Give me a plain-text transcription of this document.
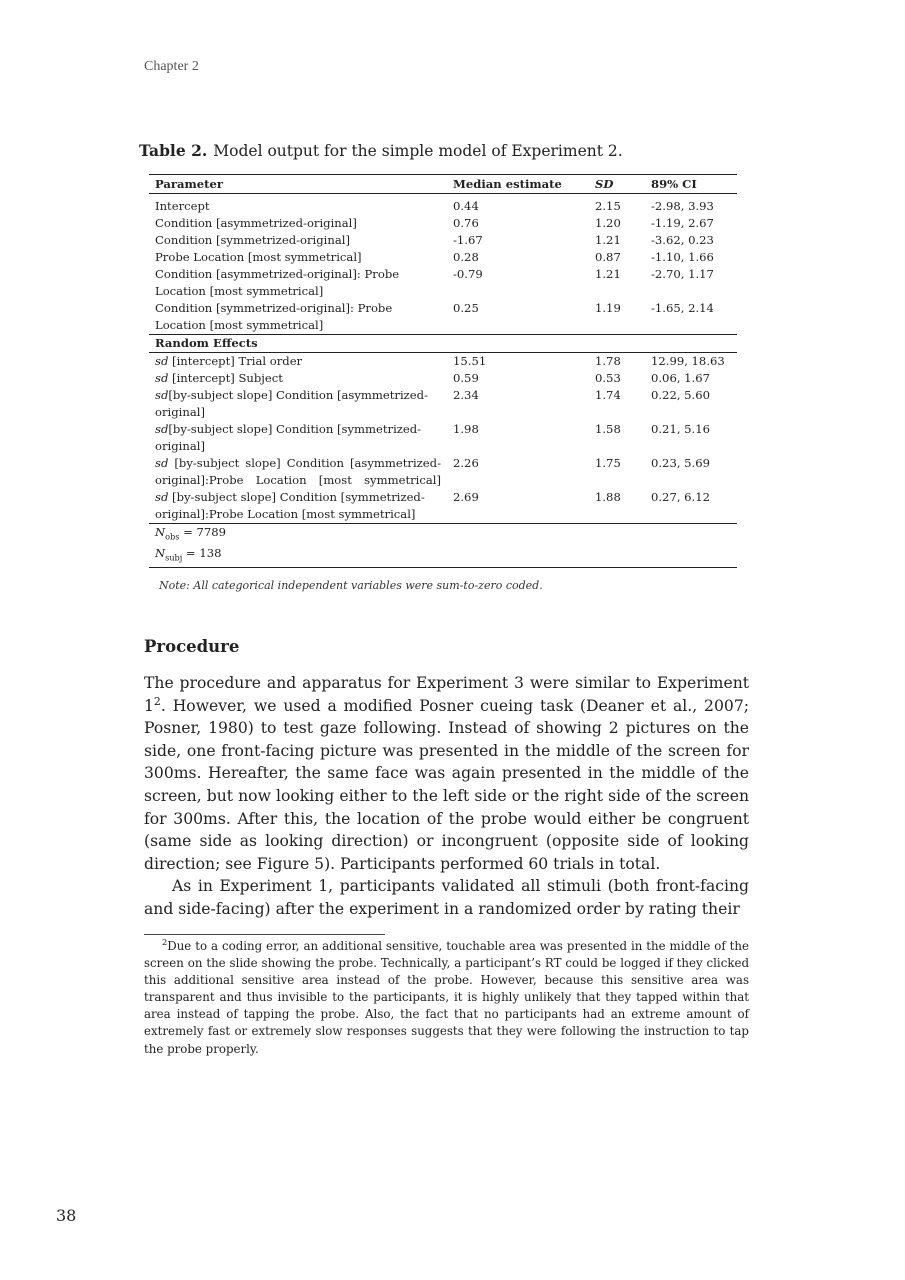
Chapter 2
Table 2. Model output for the simple model of Experiment 2.
Parameter	Median estimate	SD	89% CI
Intercept	0.44	2.15	-2.98, 3.93
Condition [asymmetrized-original]	0.76	1.20	-1.19, 2.67
Condition [symmetrized-original]	-1.67	1.21	-3.62, 0.23
Probe Location [most symmetrical]	0.28	0.87	-1.10, 1.66
Condition [asymmetrized-original]: Probe Location [most symmetrical]	-0.79	1.21	-2.70, 1.17
Condition [symmetrized-original]: Probe Location [most symmetrical]	0.25	1.19	-1.65, 2.14
Random Effects			
sd [intercept] Trial order	15.51	1.78	12.99, 18.63
sd [intercept] Subject	0.59	0.53	0.06, 1.67
sd[by-subject slope] Condition [asymmetrized-original]	2.34	1.74	0.22, 5.60
sd[by-subject slope] Condition [symmetrized-original]	1.98	1.58	0.21, 5.16
sd [by-subject slope] Condition [asymmetrized-original]:Probe Location [most symmetrical]	2.26	1.75	0.23, 5.69
sd [by-subject slope] Condition [symmetrized-original]:Probe Location [most symmetrical]	2.69	1.88	0.27, 6.12
$N_{obs} = 7789$			
$N_{subj} = 138$			
Note: All categorical independent variables were sum-to-zero coded.
Procedure

The procedure and apparatus for Experiment 3 were similar to Experiment $1^2$. However, we used a modified Posner cueing task (Deaner et al., 2007; Posner, 1980) to test gaze following. Instead of showing 2 pictures on the side, one front-facing picture was presented in the middle of the screen for 300ms. Hereafter, the same face was again presented in the middle of the screen, but now looking either to the left side or the right side of the screen for 300ms. After this, the location of the probe would either be congruent (same side as looking direction) or incongruent (opposite side of looking direction; see Figure 5). Participants performed 60 trials in total.

As in Experiment 1, participants validated all stimuli (both front-facing and side-facing) after the experiment in a randomized order by rating their

$^2$Due to a coding error, an additional sensitive, touchable area was presented in the middle of the screen on the slide showing the probe. Technically, a participant’s RT could be logged if they clicked this additional sensitive area instead of the probe. However, because this sensitive area was transparent and thus invisible to the participants, it is highly unlikely that they tapped within that area instead of tapping the probe. Also, the fact that no participants had an extreme amount of extremely fast or extremely slow responses suggests that they were following the instruction to tap the probe properly.

38
